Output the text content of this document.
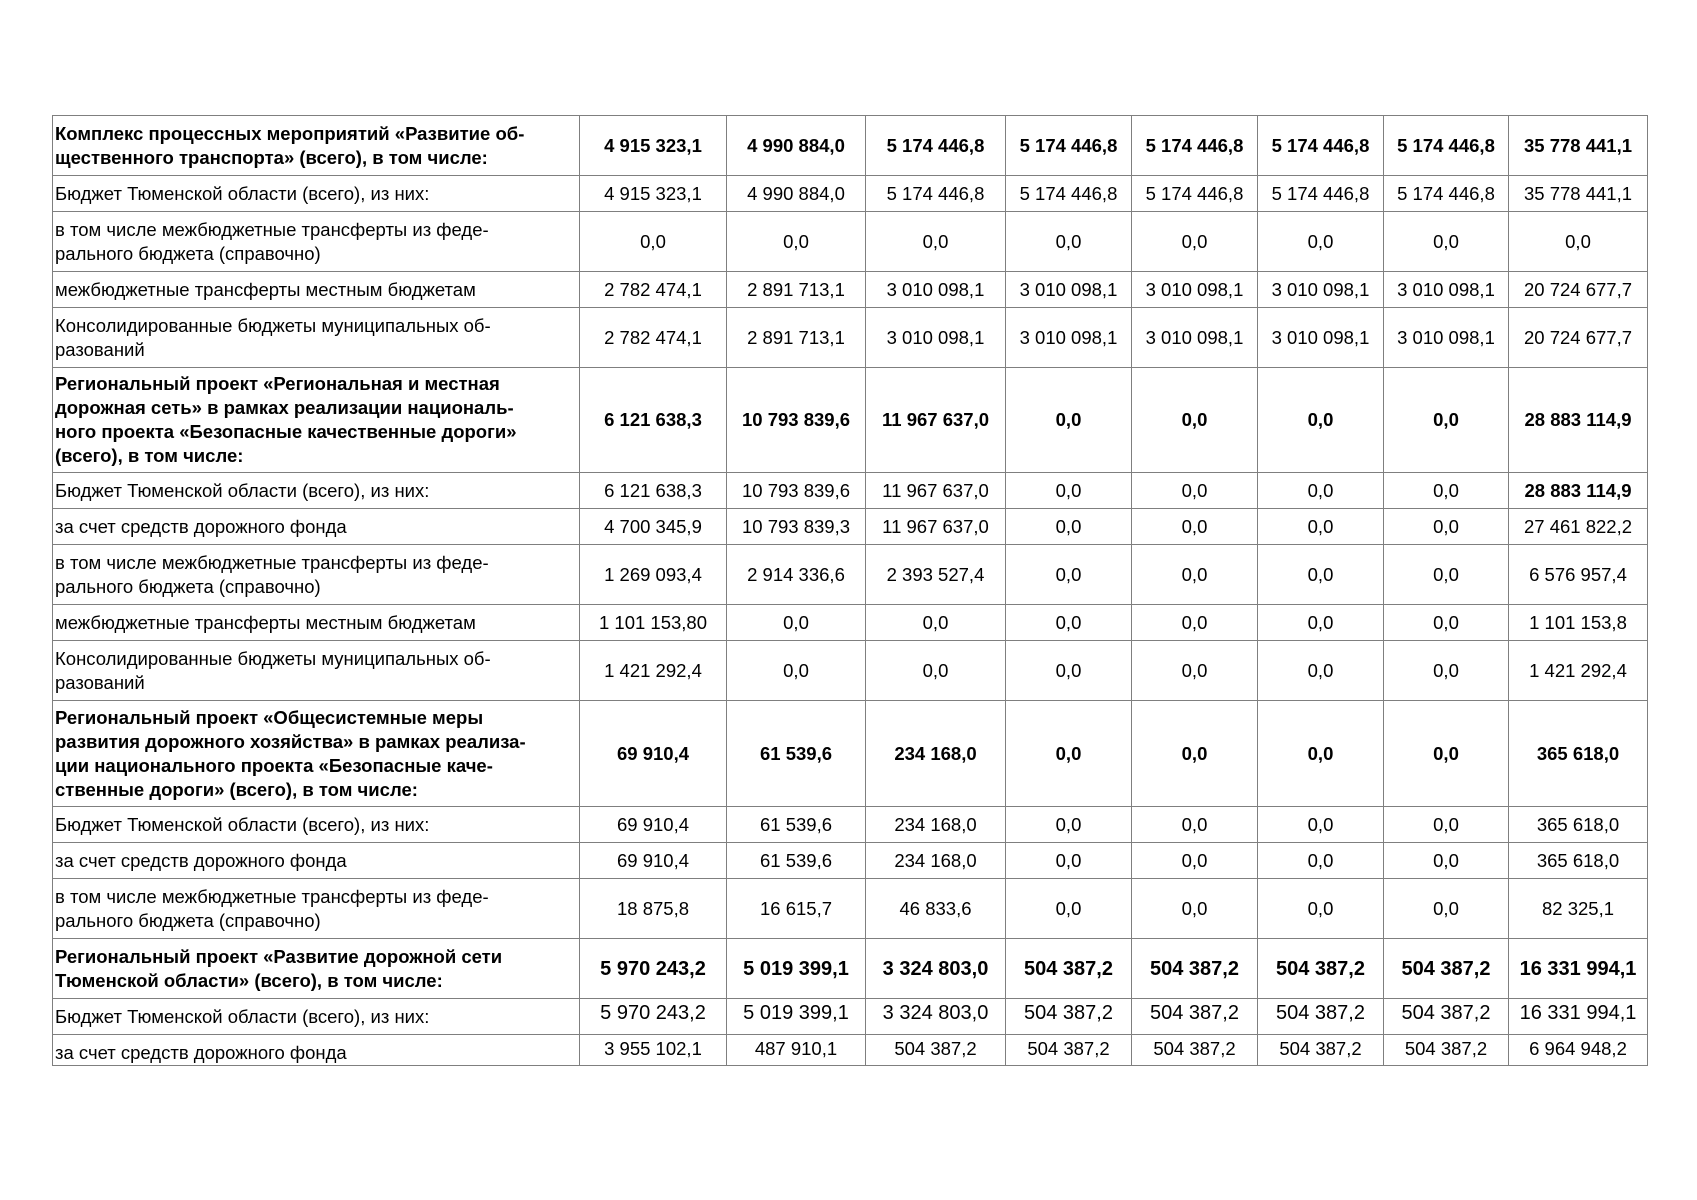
Комплекс процессных мероприятий «Развитие об-
щественного транспорта» (всего), в том числе:	4 915 323,1	4 990 884,0	5 174 446,8	5 174 446,8	5 174 446,8	5 174 446,8	5 174 446,8	35 778 441,1
Бюджет Тюменской области (всего), из них:	4 915 323,1	4 990 884,0	5 174 446,8	5 174 446,8	5 174 446,8	5 174 446,8	5 174 446,8	35 778 441,1
в том числе межбюджетные трансферты из феде-
рального бюджета (справочно)	0,0	0,0	0,0	0,0	0,0	0,0	0,0	0,0
межбюджетные трансферты местным бюджетам	2 782 474,1	2 891 713,1	3 010 098,1	3 010 098,1	3 010 098,1	3 010 098,1	3 010 098,1	20 724 677,7
Консолидированные бюджеты муниципальных об-
разований	2 782 474,1	2 891 713,1	3 010 098,1	3 010 098,1	3 010 098,1	3 010 098,1	3 010 098,1	20 724 677,7
Региональный проект «Региональная и местная
дорожная сеть» в рамках реализации националь-
ного проекта «Безопасные качественные дороги»
(всего), в том числе:	6 121 638,3	10 793 839,6	11 967 637,0	0,0	0,0	0,0	0,0	28 883 114,9
Бюджет Тюменской области (всего), из них:	6 121 638,3	10 793 839,6	11 967 637,0	0,0	0,0	0,0	0,0	28 883 114,9
за счет средств дорожного фонда	4 700 345,9	10 793 839,3	11 967 637,0	0,0	0,0	0,0	0,0	27 461 822,2
в том числе межбюджетные трансферты из феде-
рального бюджета (справочно)	1 269 093,4	2 914 336,6	2 393 527,4	0,0	0,0	0,0	0,0	6 576 957,4
межбюджетные трансферты местным бюджетам	1 101 153,80	0,0	0,0	0,0	0,0	0,0	0,0	1 101 153,8
Консолидированные бюджеты муниципальных об-
разований	1 421 292,4	0,0	0,0	0,0	0,0	0,0	0,0	1 421 292,4
Региональный проект «Общесистемные меры
развития дорожного хозяйства» в рамках реализа-
ции национального проекта «Безопасные каче-
ственные дороги» (всего), в том числе:	69 910,4	61 539,6	234 168,0	0,0	0,0	0,0	0,0	365 618,0
Бюджет Тюменской области (всего), из них:	69 910,4	61 539,6	234 168,0	0,0	0,0	0,0	0,0	365 618,0
за счет средств дорожного фонда	69 910,4	61 539,6	234 168,0	0,0	0,0	0,0	0,0	365 618,0
в том числе межбюджетные трансферты из феде-
рального бюджета (справочно)	18 875,8	16 615,7	46 833,6	0,0	0,0	0,0	0,0	82 325,1
Региональный проект «Развитие дорожной сети
Тюменской области» (всего), в том числе:	5 970 243,2	5 019 399,1	3 324 803,0	504 387,2	504 387,2	504 387,2	504 387,2	16 331 994,1
Бюджет Тюменской области (всего), из них:	5 970 243,2	5 019 399,1	3 324 803,0	504 387,2	504 387,2	504 387,2	504 387,2	16 331 994,1
за счет средств дорожного фонда	3 955 102,1	487 910,1	504 387,2	504 387,2	504 387,2	504 387,2	504 387,2	6 964 948,2
